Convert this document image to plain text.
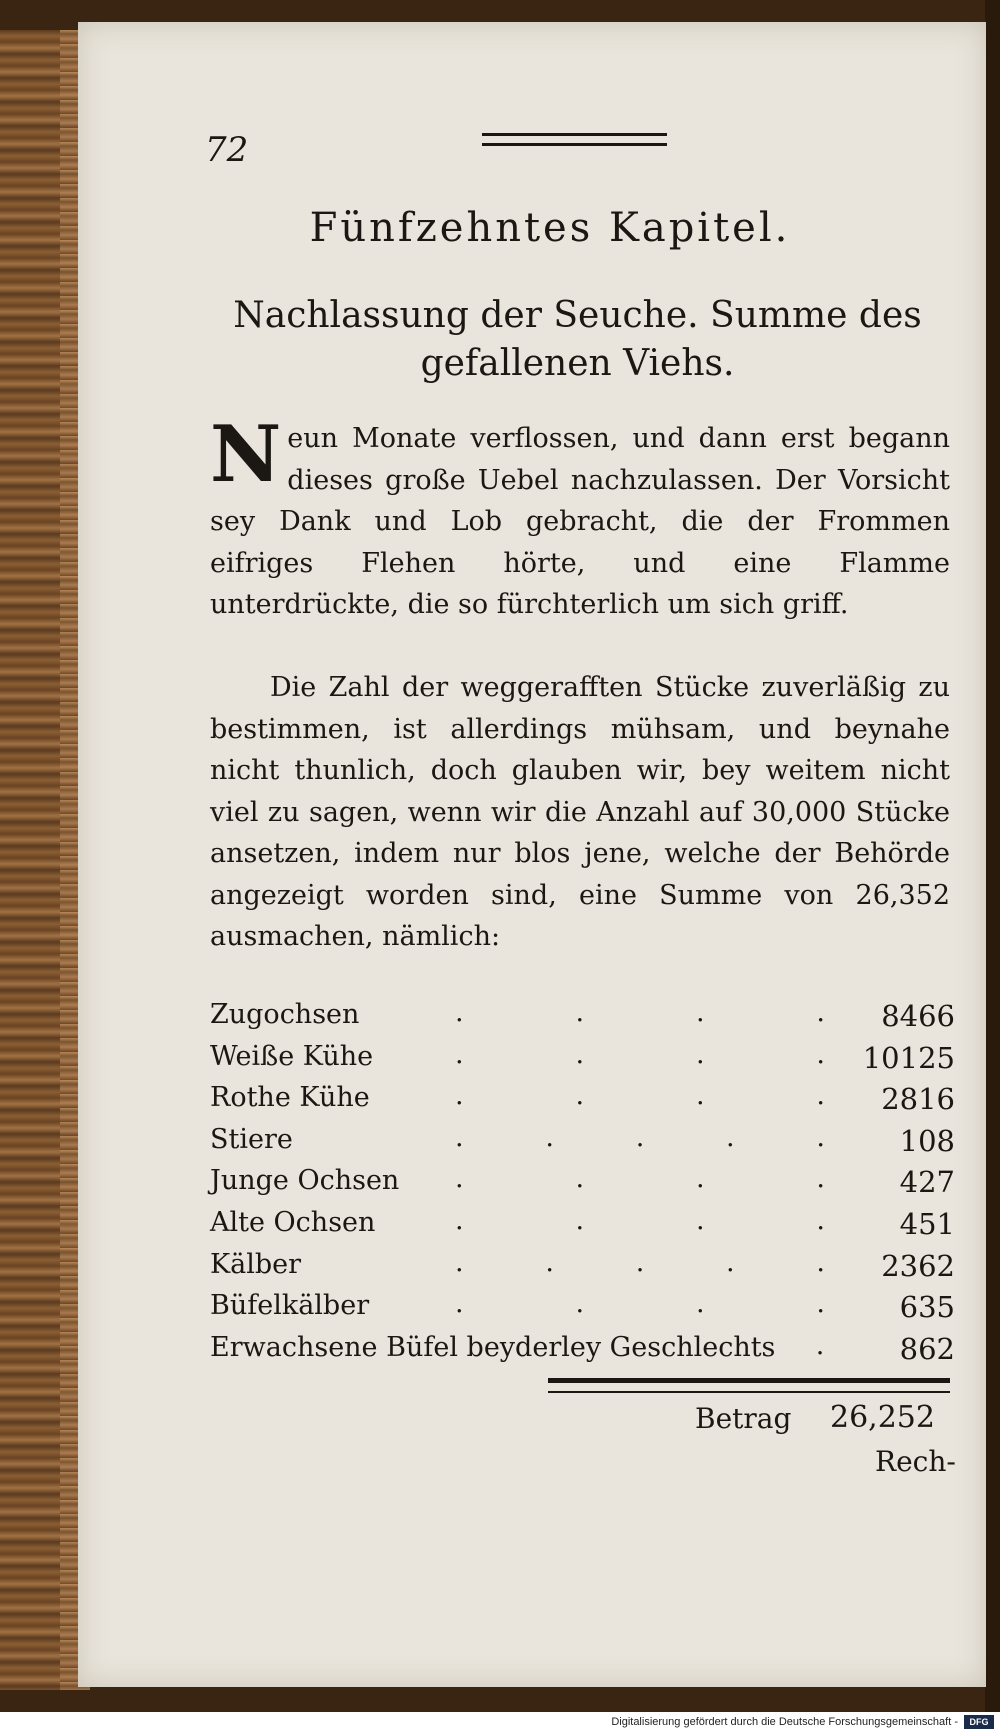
72
Fünfzehntes Kapitel.
Nachlassung der Seuche. Summe des gefallenen Viehs.
Neun Monate verflossen, und dann erst begann dieses große Uebel nachzulassen. Der Vorsicht sey Dank und Lob gebracht, die der Frommen eifriges Flehen hörte, und eine Flamme unterdrückte, die so fürchterlich um sich griff.
Die Zahl der weggerafften Stücke zuverläßig zu bestimmen, ist allerdings mühsam, und beynahe nicht thunlich, doch glauben wir, bey weitem nicht viel zu sagen, wenn wir die Anzahl auf 30,000 Stücke ansetzen, indem nur blos jene, welche der Behörde angezeigt worden sind, eine Summe von 26,352 ausmachen, nämlich:
Zugochsen	.	.	.	. 8466
Weiße Kühe	.	.	.	. 10125
Rothe Kühe	.	.	.	. 2816
Stiere	.	.	.	.	.	108
Junge Ochsen .	.	.	.	427
Alte Ochsen	.	.	.	.	451
Kälber	.	.	.	.	. 2362
Büfelkälber	.	.	.	.	635
Erwachsene Büfel beyderley Geschlechts .	862
Betrag 26,252
Rech-
Digitalisierung gefördert durch die Deutsche Forschungsgemeinschaft -	DFG
